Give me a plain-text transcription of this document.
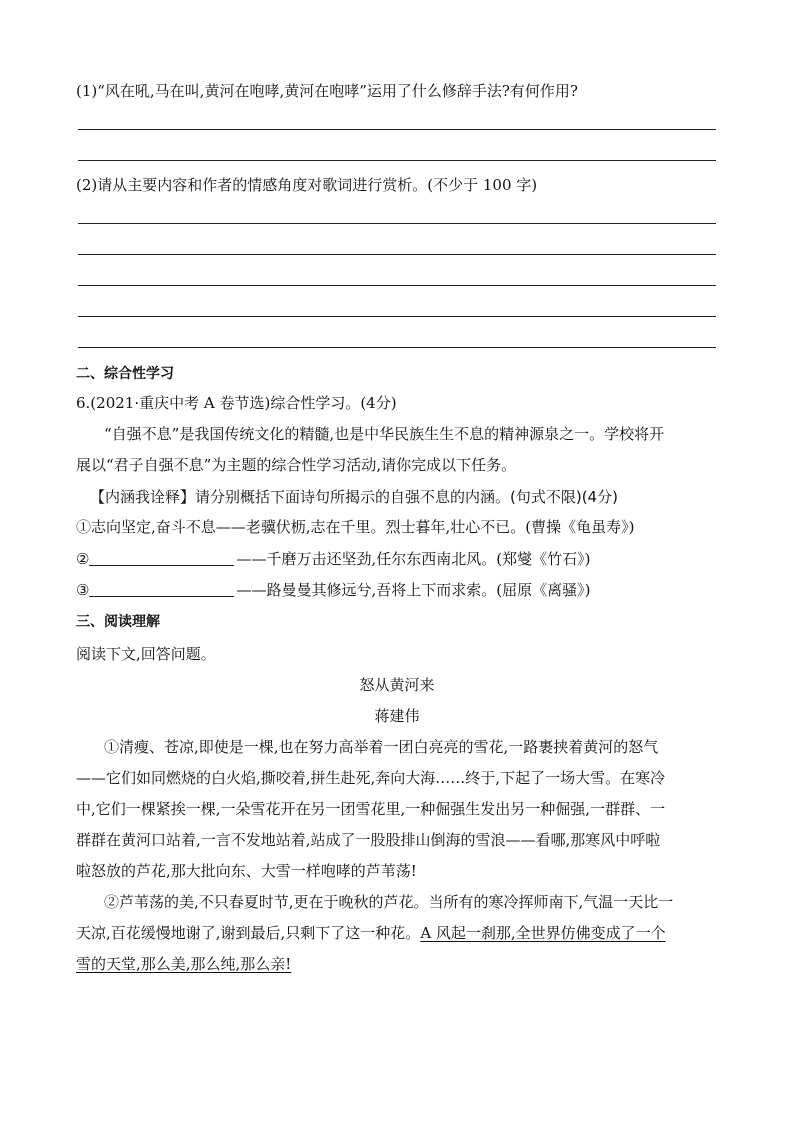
(1)“风在吼,马在叫,黄河在咆哮,黄河在咆哮”运用了什么修辞手法?有何作用?
(2)请从主要内容和作者的情感角度对歌词进行赏析。(不少于 100 字)
二、综合性学习
6.(2021·重庆中考 A 卷节选)综合性学习。(4分)
“自强不息”是我国传统文化的精髓,也是中华民族生生不息的精神源泉之一。学校将开
展以“君子自强不息”为主题的综合性学习活动,请你完成以下任务。
【内涵我诠释】请分别概括下面诗句所揭示的自强不息的内涵。(句式不限)(4分)
①志向坚定,奋斗不息——老骥伏枥,志在千里。烈士暮年,壮心不已。(曹操《龟虽寿》)
②	——千磨万击还坚劲,任尔东西南北风。(郑燮《竹石》)
③	——路曼曼其修远兮,吾将上下而求索。(屈原《离骚》)
三、阅读理解
阅读下文,回答问题。
怒从黄河来
蒋建伟
①清瘦、苍凉,即使是一棵,也在努力高举着一团白亮亮的雪花,一路裹挟着黄河的怒气
——它们如同燃烧的白火焰,撕咬着,拼生赴死,奔向大海……终于,下起了一场大雪。在寒冷
中,它们一棵紧挨一棵,一朵雪花开在另一团雪花里,一种倔强生发出另一种倔强,一群群、一
群群在黄河口站着,一言不发地站着,站成了一股股排山倒海的雪浪——看哪,那寒风中呼啦
啦怒放的芦花,那大批向东、大雪一样咆哮的芦苇荡!
②芦苇荡的美,不只春夏时节,更在于晚秋的芦花。当所有的寒冷挥师南下,气温一天比一
天凉,百花缓慢地谢了,谢到最后,只剩下了这一种花。A 风起一刹那,全世界仿佛变成了一个
雪的天堂,那么美,那么纯,那么亲!
